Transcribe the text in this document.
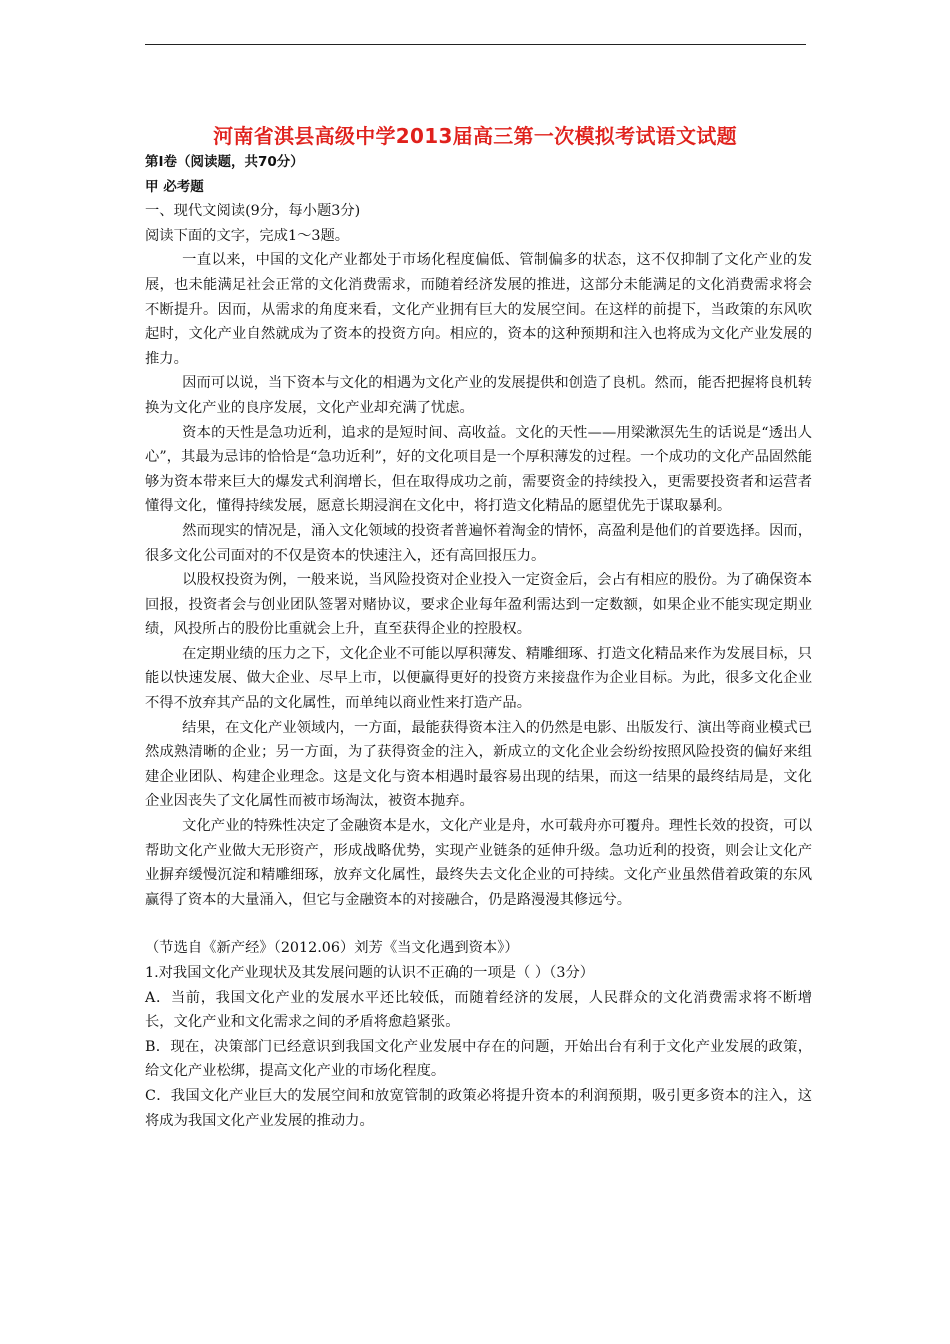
河南省淇县高级中学2013届高三第一次模拟考试语文试题

第Ⅰ卷（阅读题，共70分）

甲 必考题

一、现代文阅读(9分，每小题3分)

阅读下面的文字，完成1～3题。

一直以来，中国的文化产业都处于市场化程度偏低、管制偏多的状态，这不仅抑制了文化产业的发展，也未能满足社会正常的文化消费需求，而随着经济发展的推进，这部分未能满足的文化消费需求将会不断提升。因而，从需求的角度来看，文化产业拥有巨大的发展空间。在这样的前提下，当政策的东风吹起时，文化产业自然就成为了资本的投资方向。相应的，资本的这种预期和注入也将成为文化产业发展的推力。

因而可以说，当下资本与文化的相遇为文化产业的发展提供和创造了良机。然而，能否把握将良机转换为文化产业的良序发展，文化产业却充满了忧虑。

资本的天性是急功近利，追求的是短时间、高收益。文化的天性——用梁漱溟先生的话说是“透出人心”，其最为忌讳的恰恰是“急功近利”，好的文化项目是一个厚积薄发的过程。一个成功的文化产品固然能够为资本带来巨大的爆发式利润增长，但在取得成功之前，需要资金的持续投入，更需要投资者和运营者懂得文化，懂得持续发展，愿意长期浸润在文化中，将打造文化精品的愿望优先于谋取暴利。

然而现实的情况是，涌入文化领域的投资者普遍怀着淘金的情怀，高盈利是他们的首要选择。因而，很多文化公司面对的不仅是资本的快速注入，还有高回报压力。

以股权投资为例，一般来说，当风险投资对企业投入一定资金后，会占有相应的股份。为了确保资本回报，投资者会与创业团队签署对赌协议，要求企业每年盈利需达到一定数额，如果企业不能实现定期业绩，风投所占的股份比重就会上升，直至获得企业的控股权。

在定期业绩的压力之下，文化企业不可能以厚积薄发、精雕细琢、打造文化精品来作为发展目标，只能以快速发展、做大企业、尽早上市，以便赢得更好的投资方来接盘作为企业目标。为此，很多文化企业不得不放弃其产品的文化属性，而单纯以商业性来打造产品。

结果，在文化产业领域内，一方面，最能获得资本注入的仍然是电影、出版发行、演出等商业模式已然成熟清晰的企业；另一方面，为了获得资金的注入，新成立的文化企业会纷纷按照风险投资的偏好来组建企业团队、构建企业理念。这是文化与资本相遇时最容易出现的结果，而这一结果的最终结局是，文化企业因丧失了文化属性而被市场淘汰，被资本抛弃。

文化产业的特殊性决定了金融资本是水，文化产业是舟，水可载舟亦可覆舟。理性长效的投资，可以帮助文化产业做大无形资产，形成战略优势，实现产业链条的延伸升级。急功近利的投资，则会让文化产业摒弃缓慢沉淀和精雕细琢，放弃文化属性，最终失去文化企业的可持续。文化产业虽然借着政策的东风赢得了资本的大量涌入，但它与金融资本的对接融合，仍是路漫漫其修远兮。

（节选自《新产经》（2012.06）刘芳《当文化遇到资本》）

1.对我国文化产业现状及其发展问题的认识不正确的一项是（ ）（3分）

A．当前，我国文化产业的发展水平还比较低，而随着经济的发展，人民群众的文化消费需求将不断增长，文化产业和文化需求之间的矛盾将愈趋紧张。

B．现在，决策部门已经意识到我国文化产业发展中存在的问题，开始出台有利于文化产业发展的政策，给文化产业松绑，提高文化产业的市场化程度。

C．我国文化产业巨大的发展空间和放宽管制的政策必将提升资本的利润预期，吸引更多资本的注入，这将成为我国文化产业发展的推动力。
